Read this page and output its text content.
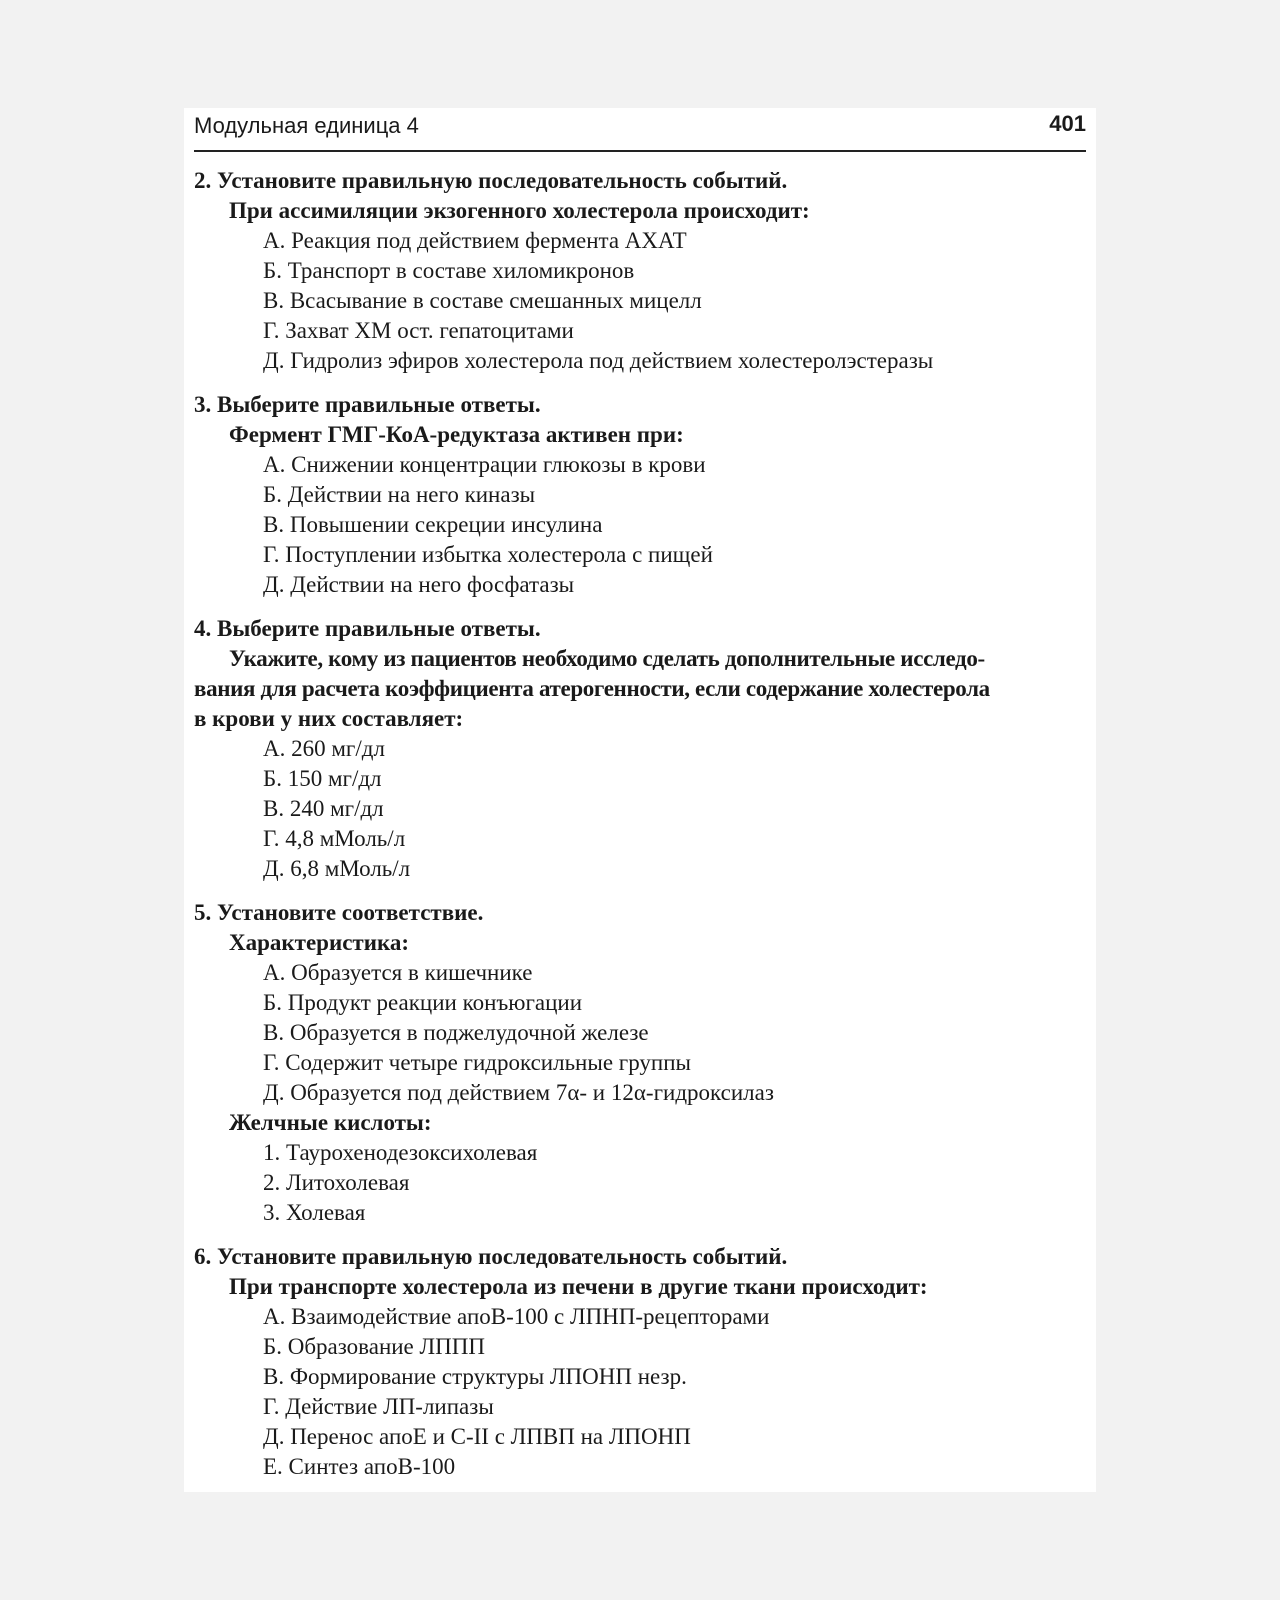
Модульная единица 4	401
2. Установите правильную последовательность событий.
При ассимиляции экзогенного холестерола происходит:
А. Реакция под действием фермента АХАТ
Б. Транспорт в составе хиломикронов
В. Всасывание в составе смешанных мицелл
Г. Захват ХМ ост. гепатоцитами
Д. Гидролиз эфиров холестерола под действием холестеролэстеразы
3. Выберите правильные ответы.
Фермент ГМГ-КоА-редуктаза активен при:
А. Снижении концентрации глюкозы в крови
Б. Действии на него киназы
В. Повышении секреции инсулина
Г. Поступлении избытка холестерола с пищей
Д. Действии на него фосфатазы
4. Выберите правильные ответы.
Укажите, кому из пациентов необходимо сделать дополнительные исследо-
вания для расчета коэффициента атерогенности, если содержание холестерола
в крови у них составляет:
А. 260 мг/дл
Б. 150 мг/дл
В. 240 мг/дл
Г. 4,8 мМоль/л
Д. 6,8 мМоль/л
5. Установите соответствие.
Характеристика:
А. Образуется в кишечнике
Б. Продукт реакции конъюгации
В. Образуется в поджелудочной железе
Г. Содержит четыре гидроксильные группы
Д. Образуется под действием 7α- и 12α-гидроксилаз
Желчные кислоты:
1. Таурохенодезоксихолевая
2. Литохолевая
3. Холевая
6. Установите правильную последовательность событий.
При транспорте холестерола из печени в другие ткани происходит:
А. Взаимодействие апоВ-100 с ЛПНП-рецепторами
Б. Образование ЛППП
В. Формирование структуры ЛПОНП незр.
Г. Действие ЛП-липазы
Д. Перенос апоЕ и С-II с ЛПВП на ЛПОНП
Е. Синтез апоВ-100
